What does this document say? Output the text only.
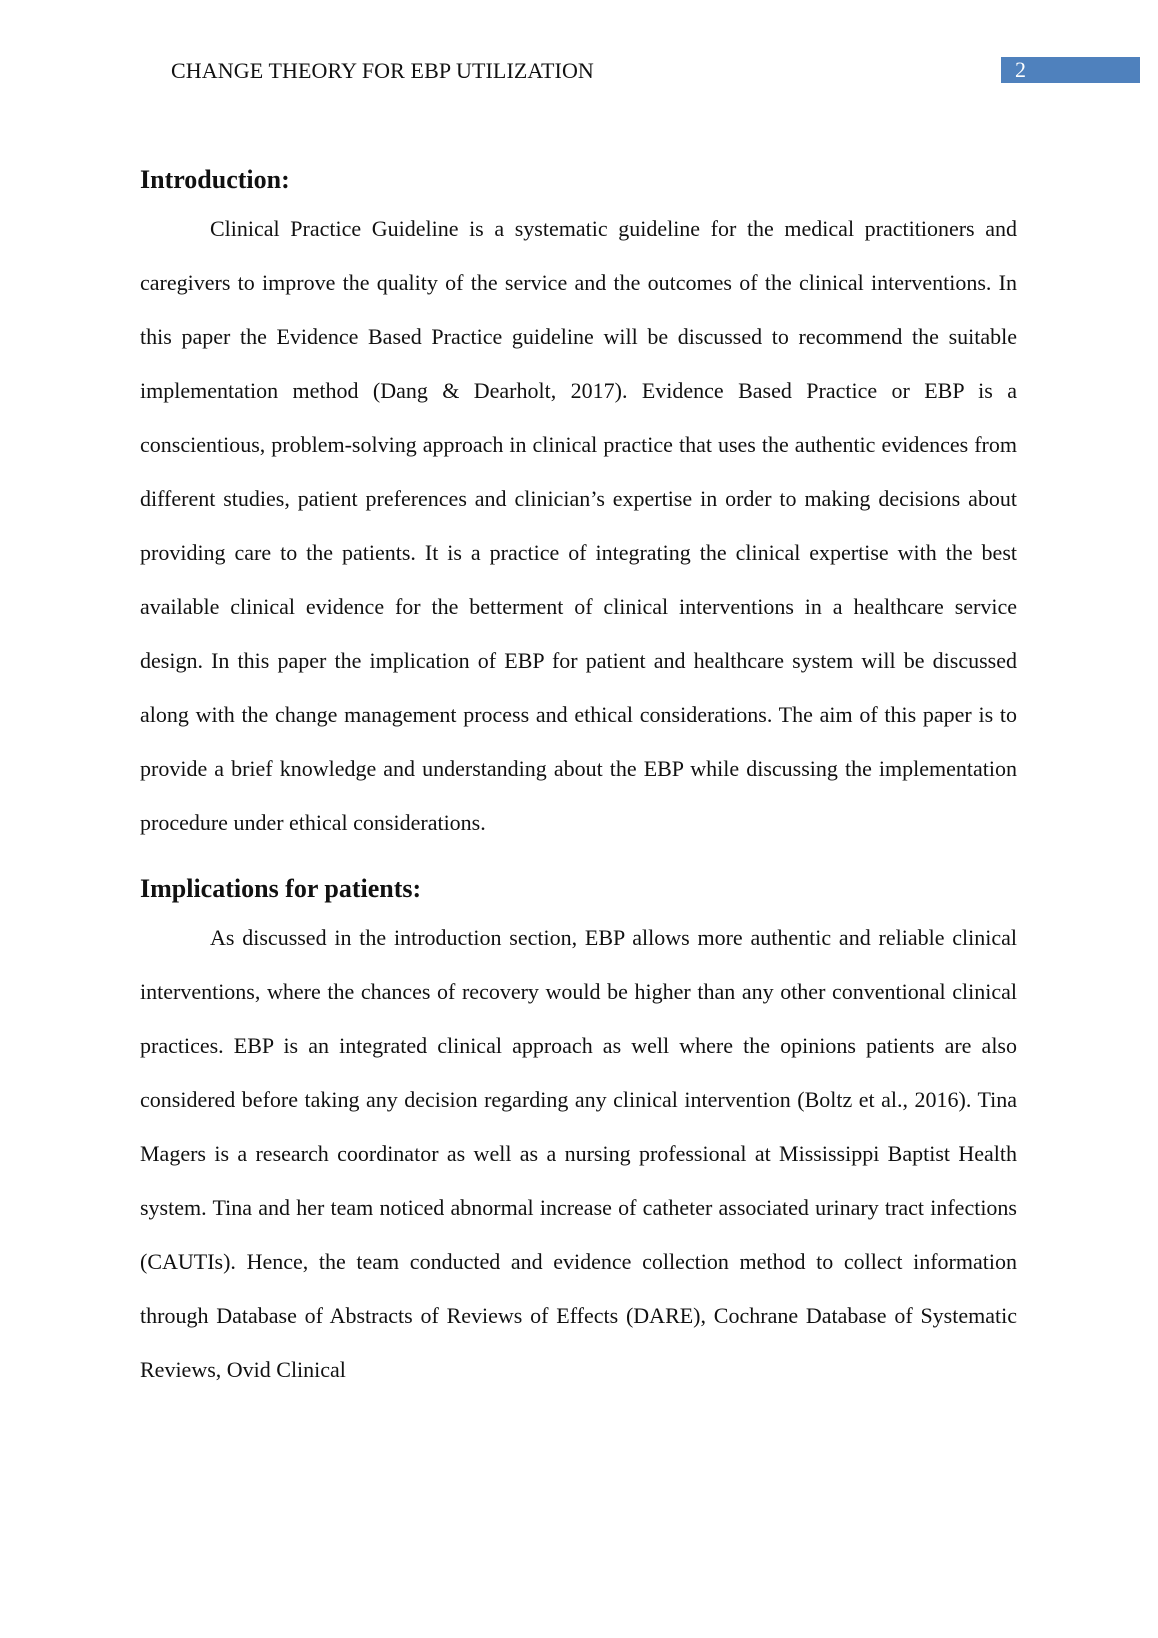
CHANGE THEORY FOR EBP UTILIZATION	2
Introduction:

Clinical Practice Guideline is a systematic guideline for the medical practitioners and caregivers to improve the quality of the service and the outcomes of the clinical interventions. In this paper the Evidence Based Practice guideline will be discussed to recommend the suitable implementation method (Dang & Dearholt, 2017). Evidence Based Practice or EBP is a conscientious, problem-solving approach in clinical practice that uses the authentic evidences from different studies, patient preferences and clinician’s expertise in order to making decisions about providing care to the patients. It is a practice of integrating the clinical expertise with the best available clinical evidence for the betterment of clinical interventions in a healthcare service design. In this paper the implication of EBP for patient and healthcare system will be discussed along with the change management process and ethical considerations. The aim of this paper is to provide a brief knowledge and understanding about the EBP while discussing the implementation procedure under ethical considerations.

Implications for patients:

As discussed in the introduction section, EBP allows more authentic and reliable clinical interventions, where the chances of recovery would be higher than any other conventional clinical practices. EBP is an integrated clinical approach as well where the opinions patients are also considered before taking any decision regarding any clinical intervention (Boltz et al., 2016). Tina Magers is a research coordinator as well as a nursing professional at Mississippi Baptist Health system. Tina and her team noticed abnormal increase of catheter associated urinary tract infections (CAUTIs). Hence, the team conducted and evidence collection method to collect information through Database of Abstracts of Reviews of Effects (DARE), Cochrane Database of Systematic Reviews, Ovid Clinical
